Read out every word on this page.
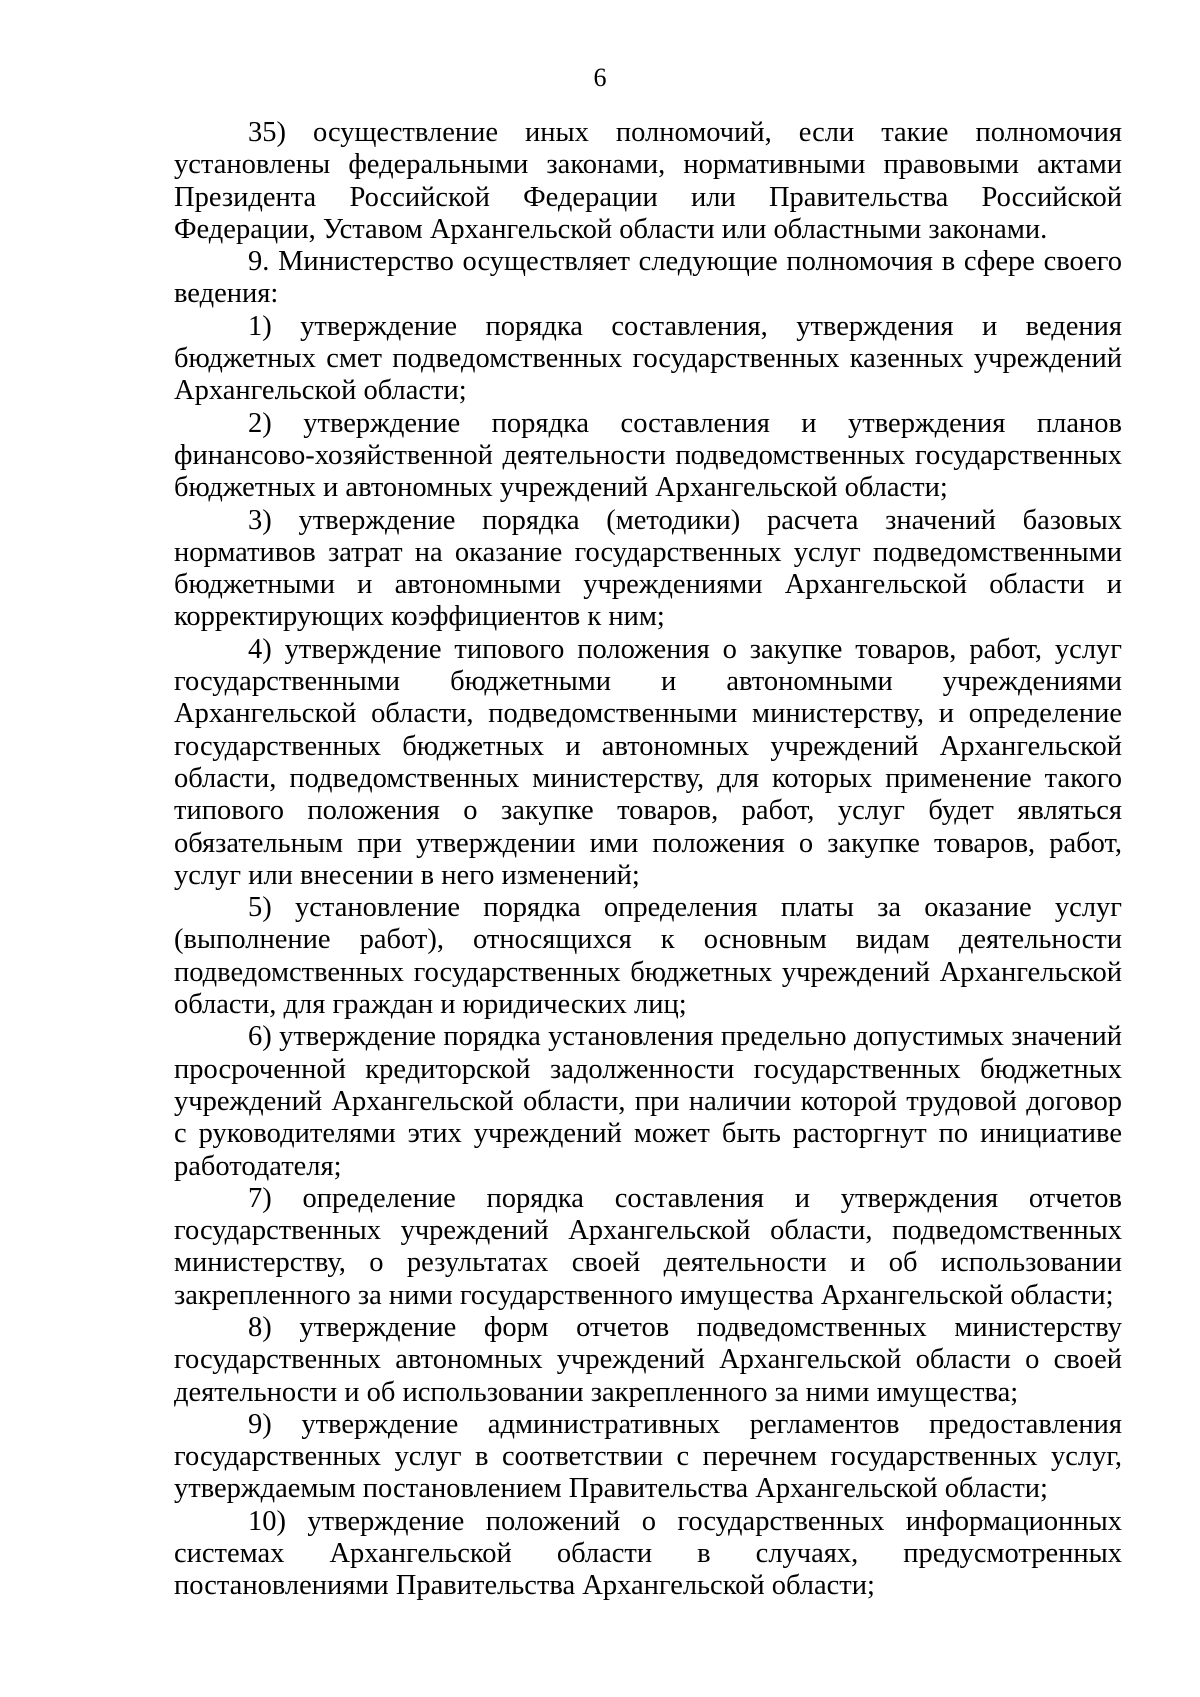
6

35) осуществление иных полномочий, если такие полномочия установлены федеральными законами, нормативными правовыми актами Президента Российской Федерации или Правительства Российской Федерации, Уставом Архангельской области или областными законами.

9. Министерство осуществляет следующие полномочия в сфере своего ведения:

1) утверждение порядка составления, утверждения и ведения бюджетных смет подведомственных государственных казенных учреждений Архангельской области;

2) утверждение порядка составления и утверждения планов финансово-хозяйственной деятельности подведомственных государственных бюджетных и автономных учреждений Архангельской области;

3) утверждение порядка (методики) расчета значений базовых нормативов затрат на оказание государственных услуг подведомственными бюджетными и автономными учреждениями Архангельской области и корректирующих коэффициентов к ним;

4) утверждение типового положения о закупке товаров, работ, услуг государственными бюджетными и автономными учреждениями Архангельской области, подведомственными министерству, и определение государственных бюджетных и автономных учреждений Архангельской области, подведомственных министерству, для которых применение такого типового положения о закупке товаров, работ, услуг будет являться обязательным при утверждении ими положения о закупке товаров, работ, услуг или внесении в него изменений;

5) установление порядка определения платы за оказание услуг (выполнение работ), относящихся к основным видам деятельности подведомственных государственных бюджетных учреждений Архангельской области, для граждан и юридических лиц;

6) утверждение порядка установления предельно допустимых значений просроченной кредиторской задолженности государственных бюджетных учреждений Архангельской области, при наличии которой трудовой договор с руководителями этих учреждений может быть расторгнут по инициативе работодателя;

7) определение порядка составления и утверждения отчетов государственных учреждений Архангельской области, подведомственных министерству, о результатах своей деятельности и об использовании закрепленного за ними государственного имущества Архангельской области;

8) утверждение форм отчетов подведомственных министерству государственных автономных учреждений Архангельской области о своей деятельности и об использовании закрепленного за ними имущества;

9) утверждение административных регламентов предоставления государственных услуг в соответствии с перечнем государственных услуг, утверждаемым постановлением Правительства Архангельской области;

10) утверждение положений о государственных информационных системах Архангельской области в случаях, предусмотренных постановлениями Правительства Архангельской области;
